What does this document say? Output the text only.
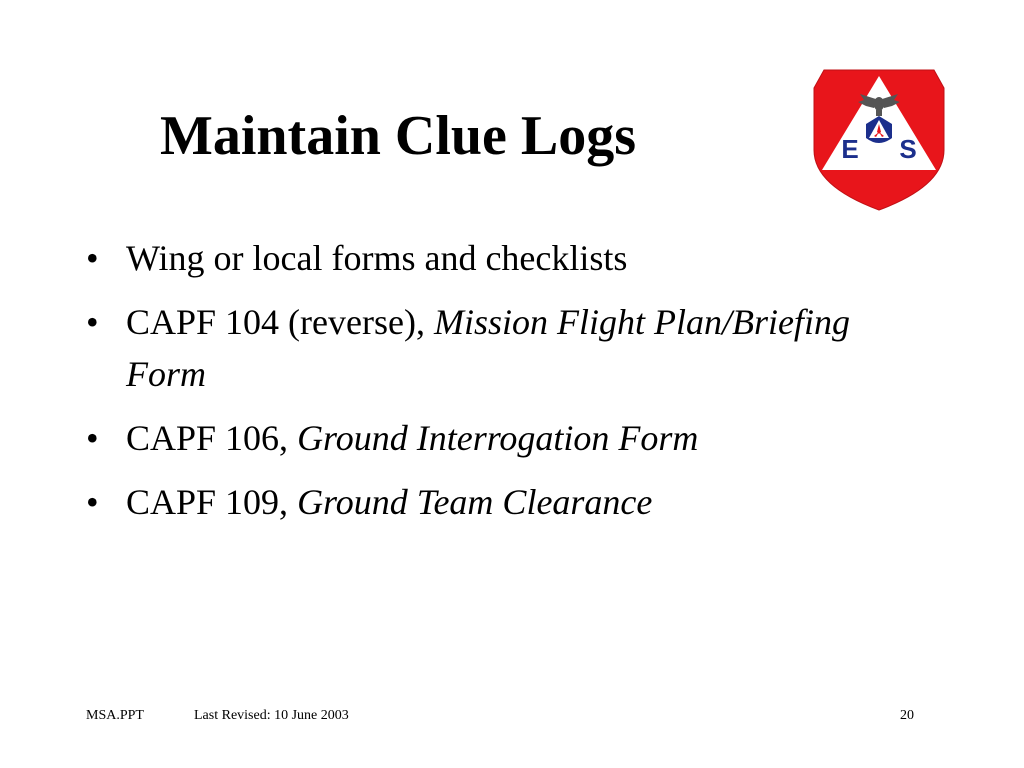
Maintain Clue Logs	E S
• Wing or local forms and checklists
• CAPF 104 (reverse), Mission Flight Plan/Briefing Form
• CAPF 106, Ground Interrogation Form
• CAPF 109, Ground Team Clearance
MSA.PPT	Last Revised: 10 June 2003	20
